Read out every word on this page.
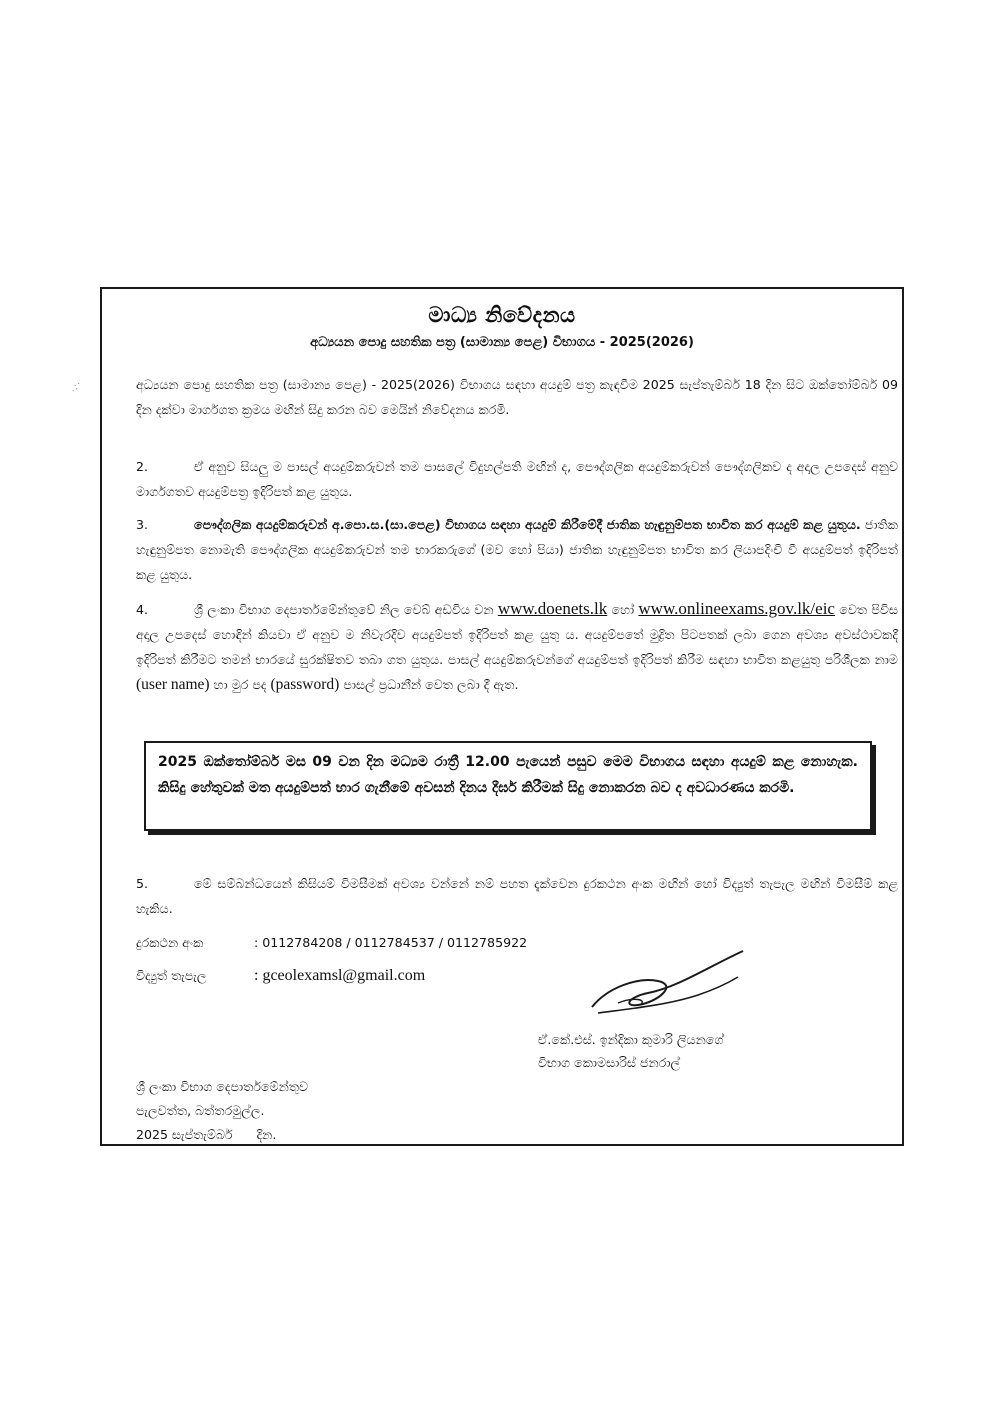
·.·.
මාධ්‍ය නිවේදනය
අධ්‍යයන පොදු සහතික පත්‍ර (සාමාන්‍ය පෙළ) විභාගය - 2025(2026)
අධ්‍යයන පොදු සහතික පත්‍ර (සාමාන්‍ය පෙළ) - 2025(2026) විභාගය සඳහා අයදුම් පත්‍ර කැඳවීම 2025 සැප්තැම්බර් 18 දින සිට ඔක්තෝම්බර් 09 දින දක්වා මාර්ගගත ක්‍රමය මඟින් සිදු කරන බව මෙයින් නිවේදනය කරමි.
2.	ඒ අනුව සියලු ම පාසල් අයදුම්කරුවන් තම පාසලේ විදුහල්පති මඟින් ද, පෞද්ගලික අයදුම්කරුවන් පෞද්ගලිකව ද අදාල උපදෙස් අනුව මාර්ගගතව අයදුම්පත්‍ර ඉදිරිපත් කළ යුතුය.
3.	පෞද්ගලික අයදුම්කරුවන් අ.පො.ස.(සා.පෙළ) විභාගය සඳහා අයදුම් කිරීමේදී ජාතික හැඳුනුම්පත භාවිත කර අයදුම් කළ යුතුය. ජාතික හැඳුනුම්පත නොමැති පෞද්ගලික අයදුම්කරුවන් තම භාරකරුගේ (මව හෝ පියා) ජාතික හැඳුනුම්පත භාවිත කර ලියාපදිංචි වී අයදුම්පත් ඉදිරිපත් කළ යුතුය.
4.	ශ්‍රී ලංකා විභාග දෙපාර්තමේන්තුවේ නිල වෙබ් අඩවිය වන www.doenets.lk හෝ www.onlineexams.gov.lk/eic වෙත පිවිස අදාල උපදෙස් හොඳින් කියවා ඒ අනුව ම නිවැරදිව අයදුම්පත් ඉදිරිපත් කළ යුතු ය. අයදුම්පතේ මුද්‍රිත පිටපතක් ලබා ගෙන අවශ්‍ය අවස්ථාවකදී ඉදිරිපත් කිරීමට තමන් භාරයේ සුරක්ෂිතව තබා ගත යුතුය. පාසල් අයදුම්කරුවන්ගේ අයදුම්පත් ඉදිරිපත් කිරීම සඳහා භාවිත කළයුතු පරිශීලක නාම (user name) හා මුර පද (password) පාසල් ප්‍රධානීන් වෙත ලබා දී ඇත.
2025 ඔක්තෝම්බර් මස 09 වන දින මධ්‍යම රාත්‍රී 12.00 පැයෙන් පසුව මෙම විභාගය සඳහා අයදුම් කළ නොහැක. කිසිදු හේතුවක් මත අයදුම්පත් භාර ගැනීමේ අවසන් දිනය දීර්ඝ කිරීමක් සිදු නොකරන බව ද අවධාරණය කරමි.
5.	මේ සම්බන්ධයෙන් කිසියම් විමසීමක් අවශ්‍ය වන්නේ නම් පහත දැක්වෙන දුරකථන අංක මඟින් හෝ විද්‍යුත් තැපැල මඟින් විමසීම් කළ හැකිය.
දුරකථන අංක	: 0112784208 / 0112784537 / 0112785922
විද්‍යුත් තැපැල	: gceolexamsl@gmail.com
ඒ.කේ.එස්. ඉන්දිකා කුමාරි ලියනගේ
විභාග කොමසාරිස් ජනරාල්
ශ්‍රී ලංකා විභාග දෙපාර්තමේන්තුව
පැලවත්ත, බත්තරමුල්ල.
2025 සැප්තැම්බර්      දින.
